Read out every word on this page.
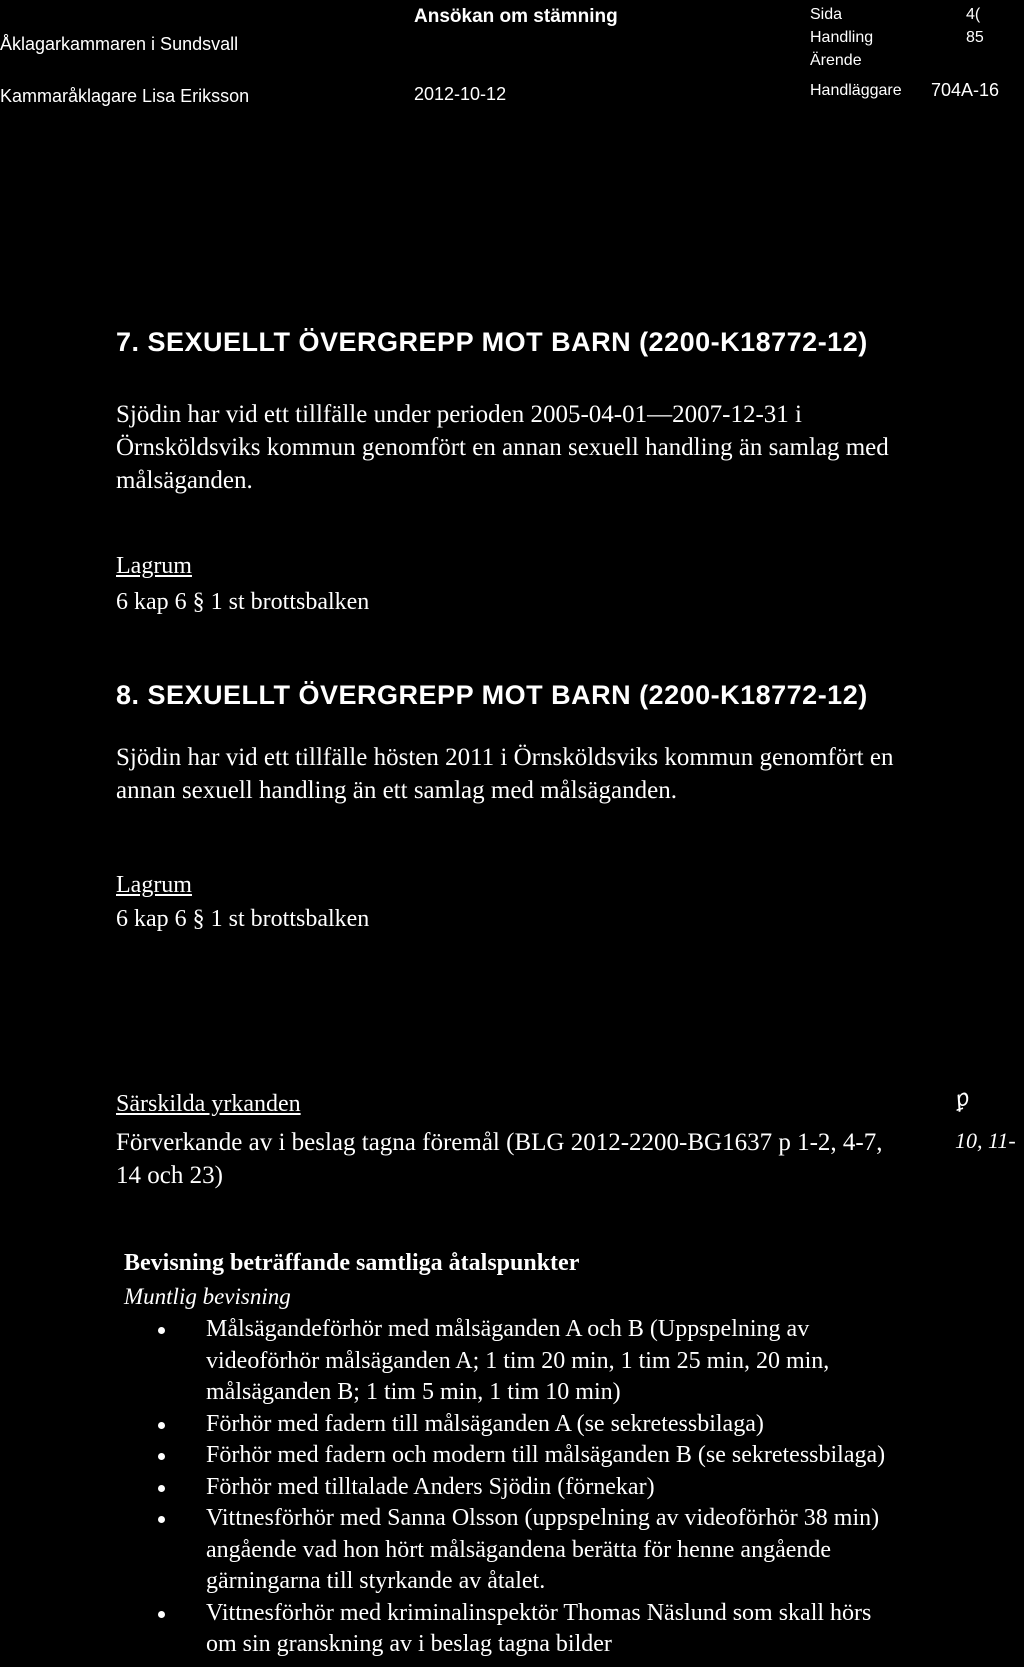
Åklagarkammaren i Sundsvall
Kammaråklagare Lisa Eriksson
Ansökan om stämning
2012-10-12
Sida	4(
Handling	85
Ärende
Handläggare 704A-16
7. SEXUELLT ÖVERGREPP MOT BARN (2200-K18772-12)
Sjödin har vid ett tillfälle under perioden 2005-04-01—2007-12-31 i
Örnsköldsviks kommun genomfört en annan sexuell handling än samlag med
målsäganden.
Lagrum
6 kap 6 § 1 st brottsbalken
8. SEXUELLT ÖVERGREPP MOT BARN (2200-K18772-12)
Sjödin har vid ett tillfälle hösten 2011 i Örnsköldsviks kommun genomfört en
annan sexuell handling än ett samlag med målsäganden.
Lagrum
6 kap 6 § 1 st brottsbalken
Särskilda yrkanden
Förverkande av i beslag tagna föremål (BLG 2012-2200-BG1637 p 1-2, 4-7,
14 och 23)
ꝑ
10, 11-
Bevisning beträffande samtliga åtalspunkter
Muntlig bevisning
Målsägandeförhör med målsäganden A och B (Uppspelning av
videoförhör målsäganden A; 1 tim 20 min, 1 tim 25 min, 20 min,
målsäganden B; 1 tim 5 min, 1 tim 10 min)
Förhör med fadern till målsäganden A (se sekretessbilaga)
Förhör med fadern och modern till målsäganden B (se sekretessbilaga)
Förhör med tilltalade Anders Sjödin (förnekar)
Vittnesförhör med Sanna Olsson (uppspelning av videoförhör 38 min)
angående vad hon hört målsägandena berätta för henne angående
gärningarna till styrkande av åtalet.
Vittnesförhör med kriminalinspektör Thomas Näslund som skall hörs
om sin granskning av i beslag tagna bilder
